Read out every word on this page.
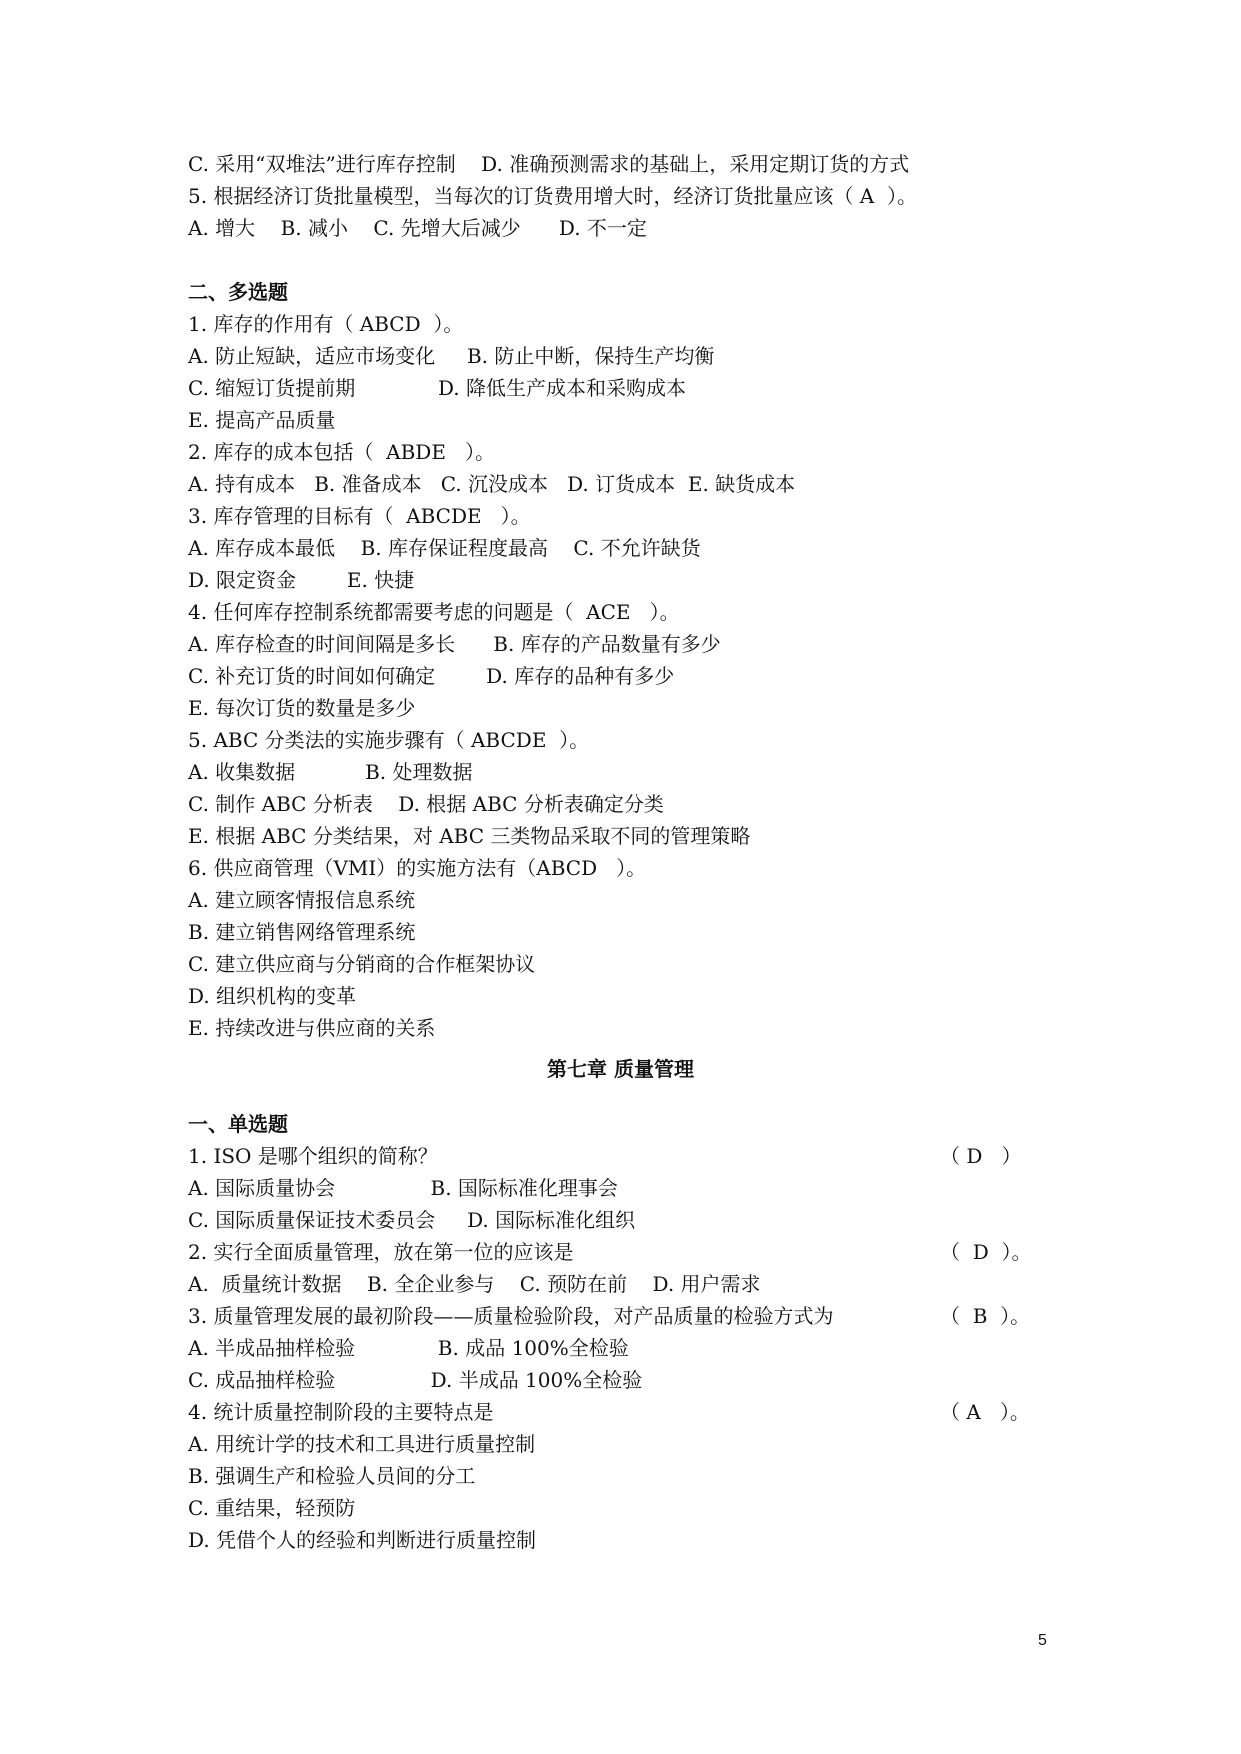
C. 采用“双堆法”进行库存控制    D. 准确预测需求的基础上，采用定期订货的方式
5. 根据经济订货批量模型，当每次的订货费用增大时，经济订货批量应该（ A  ）。
A. 增大    B. 减小    C. 先增大后减少      D. 不一定
二、多选题
1. 库存的作用有（ ABCD  ）。
A. 防止短缺，适应市场变化     B. 防止中断，保持生产均衡
C. 缩短订货提前期             D. 降低生产成本和采购成本
E. 提高产品质量
2. 库存的成本包括（  ABDE   ）。
A. 持有成本   B. 准备成本   C. 沉没成本   D. 订货成本  E. 缺货成本
3. 库存管理的目标有（  ABCDE   ）。
A. 库存成本最低    B. 库存保证程度最高    C. 不允许缺货
D. 限定资金        E. 快捷
4. 任何库存控制系统都需要考虑的问题是（  ACE   ）。
A. 库存检查的时间间隔是多长      B. 库存的产品数量有多少
C. 补充订货的时间如何确定        D. 库存的品种有多少
E. 每次订货的数量是多少
5. ABC 分类法的实施步骤有（ ABCDE  ）。
A. 收集数据           B. 处理数据
C. 制作 ABC 分析表    D. 根据 ABC 分析表确定分类
E. 根据 ABC 分类结果，对 ABC 三类物品采取不同的管理策略
6. 供应商管理（VMI）的实施方法有（ABCD   ）。
A. 建立顾客情报信息系统
B. 建立销售网络管理系统
C. 建立供应商与分销商的合作框架协议
D. 组织机构的变革
E. 持续改进与供应商的关系
一、单选题
1. ISO 是哪个组织的简称？	（ D   ）
A. 国际质量协会               B. 国际标准化理事会
C. 国际质量保证技术委员会     D. 国际标准化组织
2. 实行全面质量管理，放在第一位的应该是	（  D  ）。
A.  质量统计数据    B. 全企业参与    C. 预防在前    D. 用户需求
3. 质量管理发展的最初阶段——质量检验阶段，对产品质量的检验方式为	（  B  ）。
A. 半成品抽样检验             B. 成品 100%全检验
C. 成品抽样检验               D. 半成品 100%全检验
4. 统计质量控制阶段的主要特点是	（ A   ）。
A. 用统计学的技术和工具进行质量控制
B. 强调生产和检验人员间的分工
C. 重结果，轻预防
D. 凭借个人的经验和判断进行质量控制
第七章 质量管理
5
